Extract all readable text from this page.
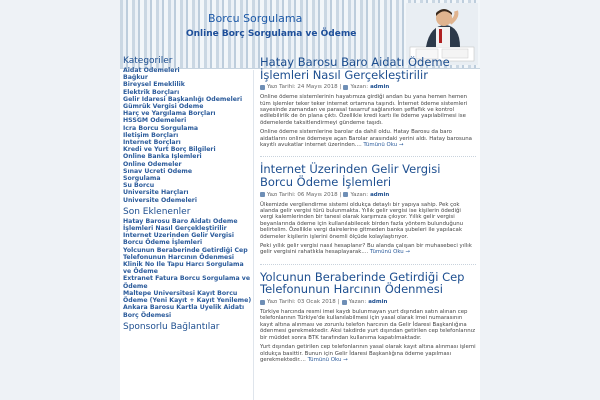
Borcu Sorgulama
Online Borç Sorgulama ve Ödeme
Kategoriler
Aidat Ödemeleri
Bağkur
Bireysel Emeklilik
Elektrik Borçları
Gelir İdaresi Başkanlığı Ödemeleri
Gümrük Vergisi Ödeme
Harç ve Yargılama Borçları
HSSGM Ödemeleri
İcra Borcu Sorgulama
İletişim Borçları
İnternet Borçları
Kredi ve Yurt Borç Bilgileri
Online Banka İşlemleri
Online Ödemeler
Sınav Ücreti Ödeme
Sorgulama
Su Borcu
Üniversite Harçları
Üniversite Ödemeleri
Son Eklenenler
Hatay Barosu Baro Aidatı Ödeme İşlemleri Nasıl Gerçekleştirilir
İnternet Üzerinden Gelir Vergisi Borcu Ödeme İşlemleri
Yolcunun Beraberinde Getirdiği Cep Telefonunun Harcının Ödenmesi
Klinik No İle Tapu Harcı Sorgulama ve Ödeme
Extranet Fatura Borcu Sorgulama ve Ödeme
Maltepe Üniversitesi Kayıt Borcu Ödeme (Yeni Kayıt + Kayıt Yenileme)
Ankara Barosu Kartla Üyelik Aidatı Borç Ödemesi
Sponsorlu Bağlantılar
Hatay Barosu Baro Aidatı Ödeme İşlemleri Nasıl Gerçekleştirilir
Yazı Tarihi: 24 Mayıs 2018 | Yazan: admin

Online ödeme sistemlerinin hayatımıza girdiği andan bu yana hemen hemen tüm işlemler teker teker internet ortamına taşındı. İnternet ödeme sistemleri sayesinde zamandan ve parasal tasarruf sağlanırken şeffaflık ve kontrol edilebilirlik de ön plana çıktı. Özellikle kredi kartı ile ödeme yapılabilmesi ise ödemelerde taksitlendirmeyi gündeme taşıdı.

Online ödeme sistemlerine barolar da dahil oldu. Hatay Barosu da baro aidatlarını online ödemeye açan Barolar arasındaki yerini aldı. Hatay barosuna kayıtlı avukatlar internet üzerinden.... Tümünü Oku →

İnternet Üzerinden Gelir Vergisi Borcu Ödeme İşlemleri
Yazı Tarihi: 06 Mayıs 2018 | Yazan: admin

Ülkemizde vergilendirme sistemi oldukça detaylı bir yapıya sahip. Pek çok alanda gelir vergisi türü bulunmakta. Yıllık gelir vergisi ise kişilerin ödediği vergi kalemlerinden bir tanesi olarak karşımıza çıkıyor. Yıllık gelir vergisi beyanlarında ödeme için kullanılabilecek birden fazla yöntem bulunduğunu belirtelim. Özellikle vergi dairelerine gitmeden banka şubeleri ile yapılacak ödemeler kişilerin işlerini önemli ölçüde kolaylaştırıyor.

Peki yıllık gelir vergisi nasıl hesaplanır? Bu alanda çalışan bir muhasebeci yıllık gelir vergisini rahatlıkla hesaplayarak.... Tümünü Oku →

Yolcunun Beraberinde Getirdiği Cep Telefonunun Harcının Ödenmesi
Yazı Tarihi: 03 Ocak 2018 | Yazan: admin

Türkiye harcında resmi imei kaydı bulunmayan yurt dışından satın alınan cep telefonlarının Türkiye'de kullanılabilmesi için yasal olarak imei numarasının kayıt altına alınması ve zorunlu telefon harcının da Gelir İdaresi Başkanlığına ödenmesi gerekmektedir. Aksi takdirde yurt dışından getirilen cep telefonlarınız bir müddet sonra BTK tarafından kullanıma kapatılmaktadır.

Yurt dışından getirilen cep telefonlarının yasal olarak kayıt altına alınması işlemi oldukça basittir. Bunun için Gelir İdaresi Başkanlığına ödeme yapılması gerekmektedir.... Tümünü Oku →
